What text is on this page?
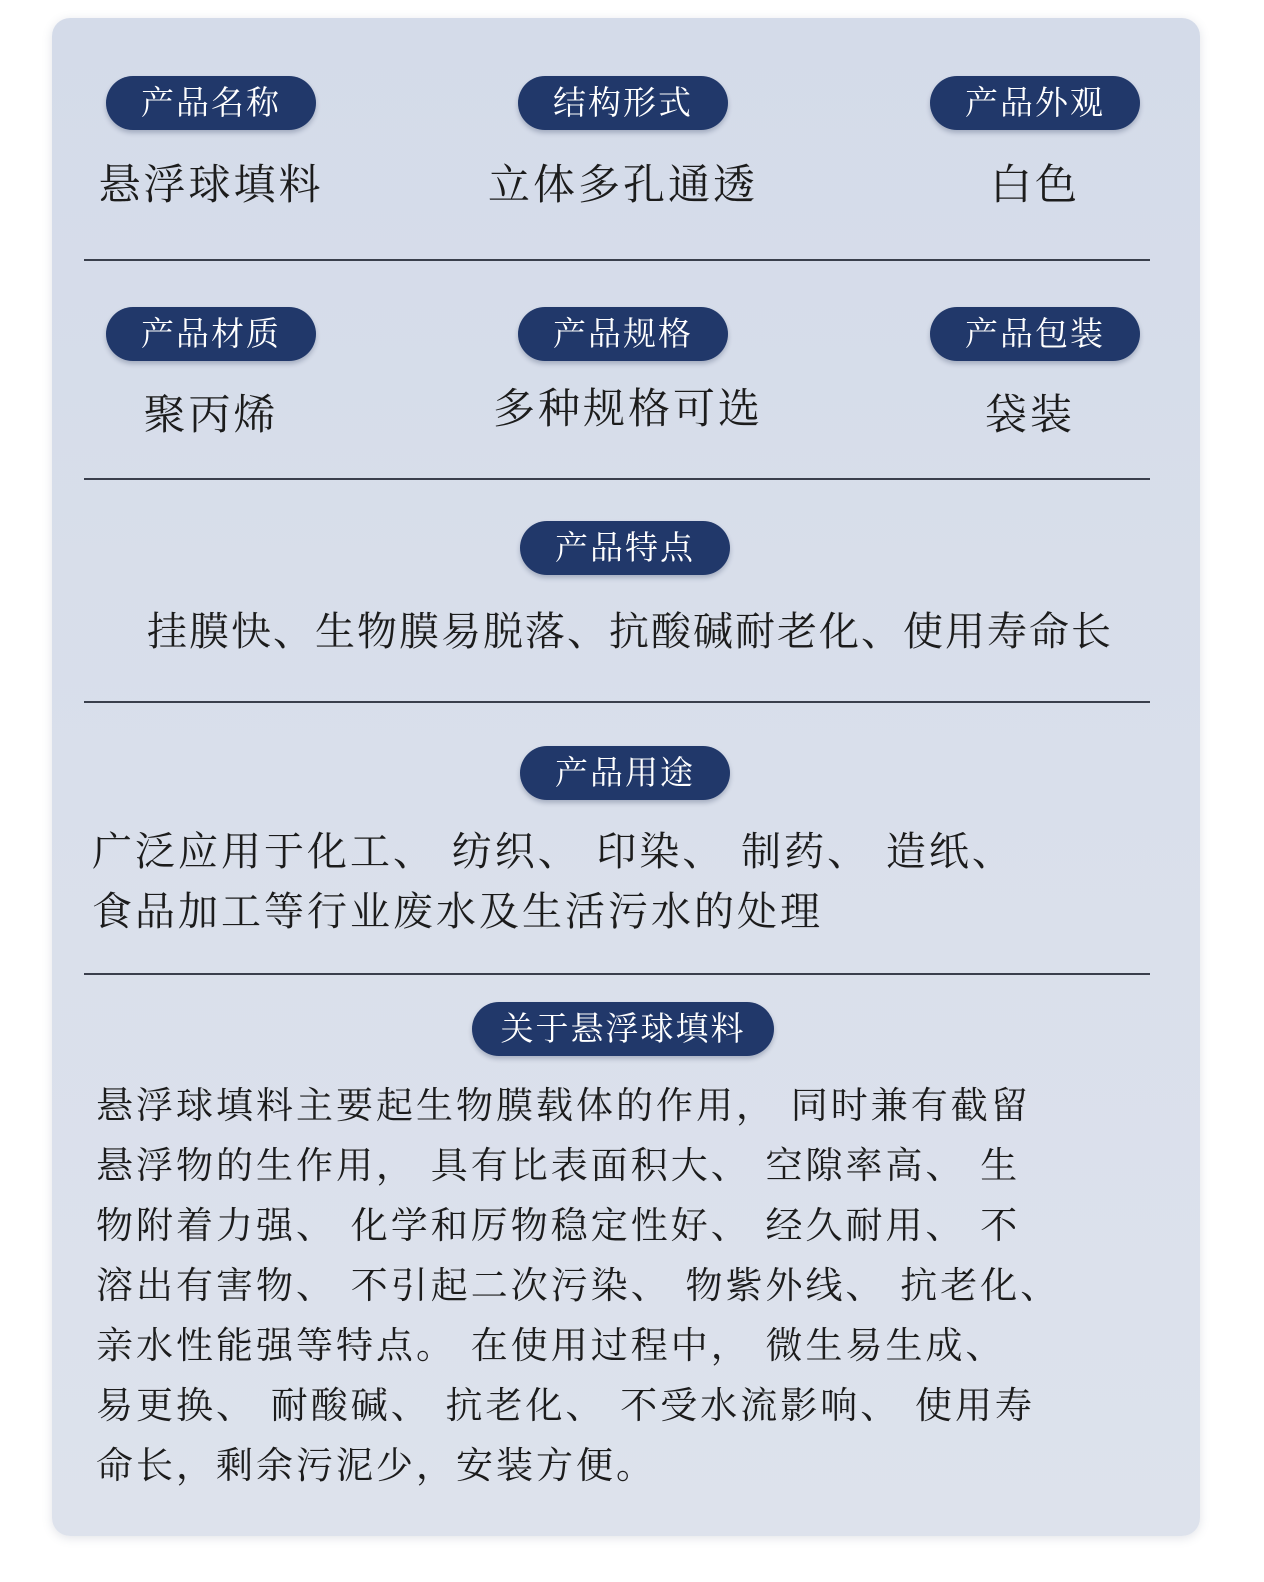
产品名称	结构形式	产品外观
悬浮球填料	立体多孔通透	白色
产品材质	产品规格	产品包装
聚丙烯	多种规格可选	袋装
产品特点
挂膜快、生物膜易脱落、抗酸碱耐老化、使用寿命长
产品用途
广泛应用于化工、 纺织、 印染、 制药、 造纸、
食品加工等行业废水及生活污水的处理
关于悬浮球填料
悬浮球填料主要起生物膜载体的作用， 同时兼有截留
悬浮物的生作用， 具有比表面积大、 空隙率高、 生
物附着力强、 化学和厉物稳定性好、 经久耐用、 不
溶出有害物、 不引起二次污染、 物紫外线、 抗老化、
亲水性能强等特点。 在使用过程中， 微生易生成、
易更换、 耐酸碱、 抗老化、 不受水流影响、 使用寿
命长，剩余污泥少，安装方便。
